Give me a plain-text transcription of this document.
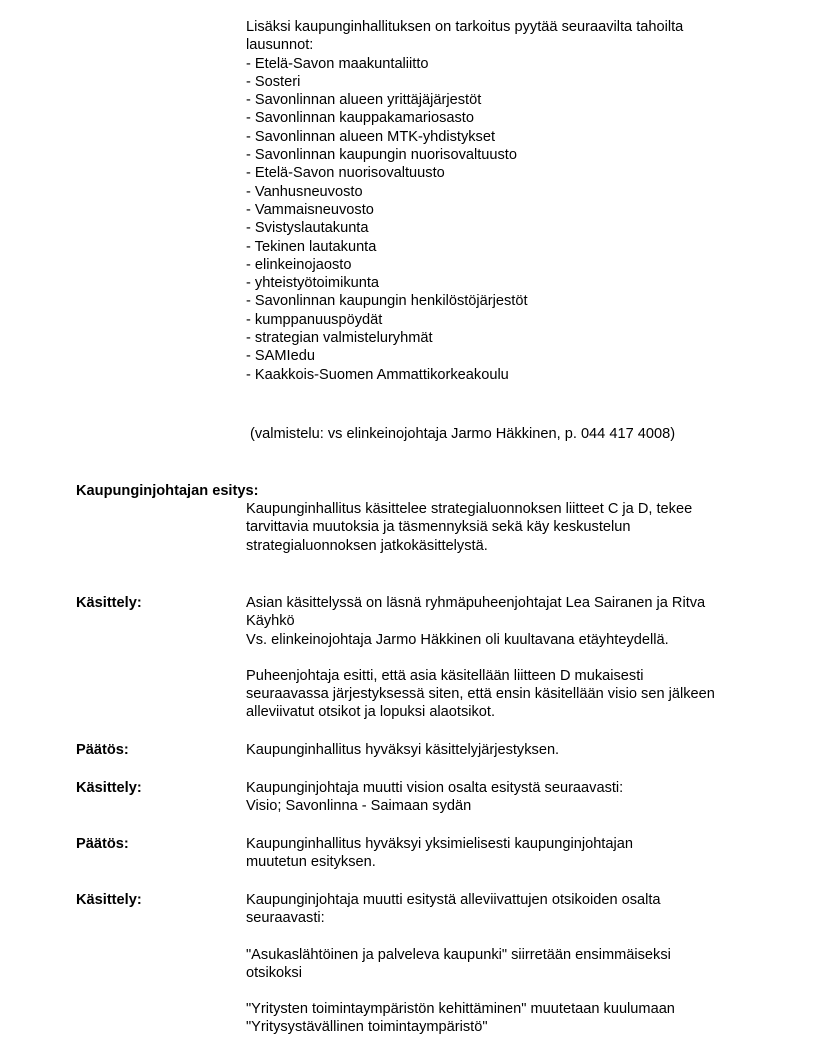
Lisäksi kaupunginhallituksen on tarkoitus pyytää seuraavilta tahoilta lausunnot:

- Etelä-Savon maakuntaliitto
- Sosteri
- Savonlinnan alueen yrittäjäjärjestöt
- Savonlinnan kauppakamariosasto
- Savonlinnan alueen MTK-yhdistykset
- Savonlinnan kaupungin nuorisovaltuusto
- Etelä-Savon nuorisovaltuusto
- Vanhusneuvosto
- Vammaisneuvosto
- Svistyslautakunta
- Tekinen lautakunta
- elinkeinojaosto
- yhteistyötoimikunta
- Savonlinnan kaupungin henkilöstöjärjestöt
- kumppanuuspöydät
- strategian valmisteluryhmät
- SAMIedu
- Kaakkois-Suomen Ammattikorkeakoulu
(valmistelu: vs elinkeinojohtaja Jarmo Häkkinen, p. 044 417 4008)
Kaupunginjohtajan esitys:
Kaupunginhallitus käsittelee strategialuonnoksen liitteet C ja D, tekee tarvittavia muutoksia ja täsmennyksiä sekä käy keskustelun strategialuonnoksen jatkokäsittelystä.
Käsittely:	Asian käsittelyssä on läsnä ryhmäpuheenjohtajat Lea Sairanen ja Ritva Käyhkö

Vs. elinkeinojohtaja Jarmo Häkkinen oli kuultavana etäyhteydellä.

Puheenjohtaja esitti, että asia käsitellään liitteen D mukaisesti seuraavassa järjestyksessä siten, että ensin käsitellään visio sen jälkeen alleviivatut otsikot ja lopuksi alaotsikot.

Päätös:	Kaupunginhallitus hyväksyi käsittelyjärjestyksen.

Käsittely:	Kaupunginjohtaja muutti vision osalta esitystä seuraavasti:

Visio; Savonlinna - Saimaan sydän

Päätös:	Kaupunginhallitus hyväksyi yksimielisesti kaupunginjohtajan muutetun esityksen.

Käsittely:	Kaupunginjohtaja muutti esitystä alleviivattujen otsikoiden osalta seuraavasti:

"Asukaslähtöinen ja palveleva kaupunki" siirretään ensimmäiseksi otsikoksi

"Yritysten toimintaympäristön kehittäminen" muutetaan kuulumaan "Yritysystävällinen toimintaympäristö"
